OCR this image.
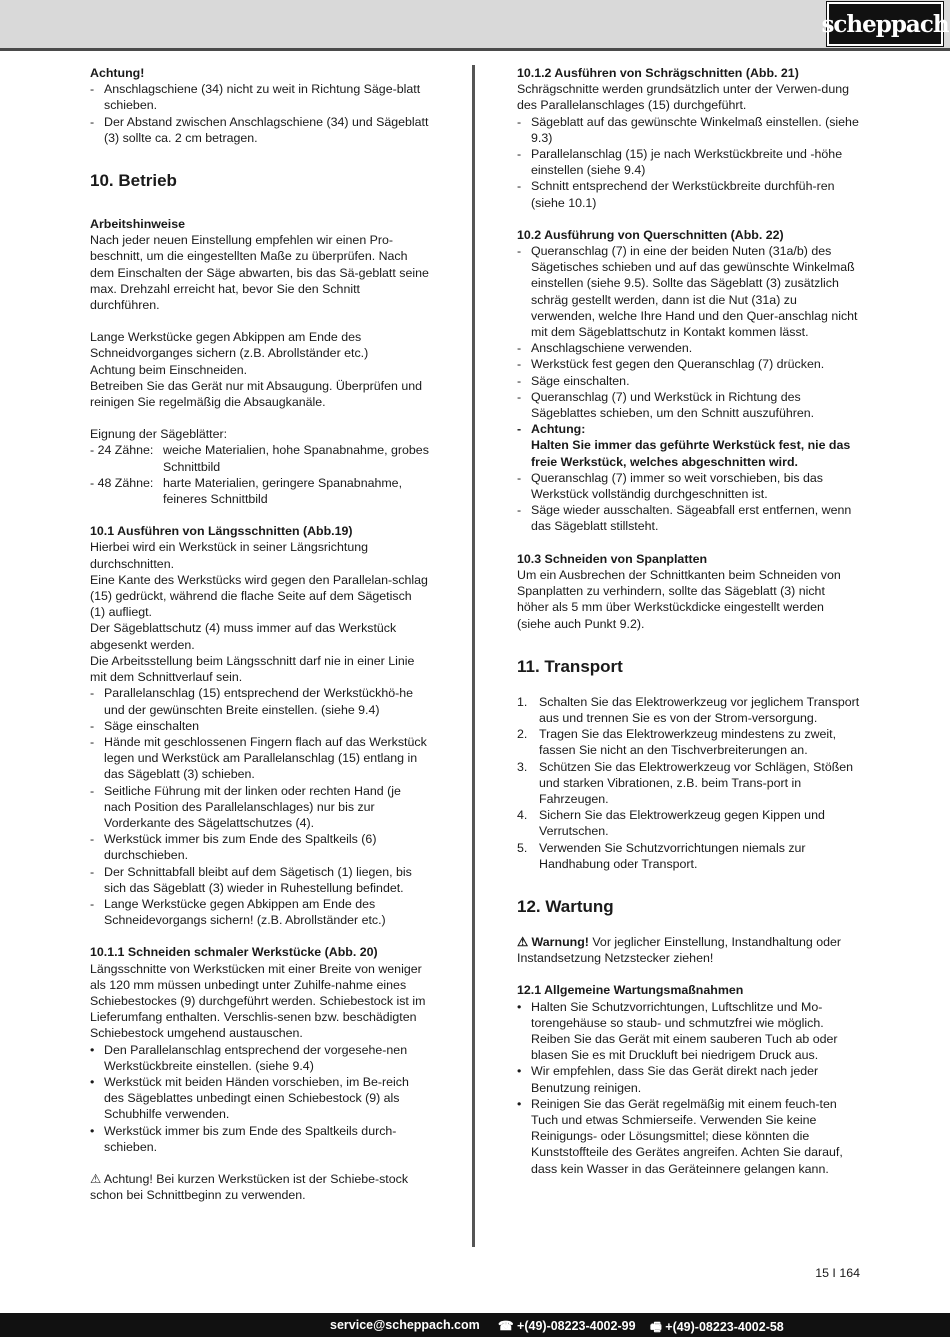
scheppach

Achtung!

- Anschlagschiene (34) nicht zu weit in Richtung Säge-blatt schieben.
- Der Abstand zwischen Anschlagschiene (34) und Sägeblatt (3) sollte ca. 2 cm betragen.

10. Betrieb

Arbeitshinweise

Nach jeder neuen Einstellung empfehlen wir einen Pro-beschnitt, um die eingestellten Maße zu überprüfen. Nach dem Einschalten der Säge abwarten, bis das Sä-geblatt seine max. Drehzahl erreicht hat, bevor Sie den Schnitt durchführen.

Lange Werkstücke gegen Abkippen am Ende des Schneidvorganges sichern (z.B. Abrollständer etc.)

Achtung beim Einschneiden.

Betreiben Sie das Gerät nur mit Absaugung. Überprüfen und reinigen Sie regelmäßig die Absaugkanäle.

Eignung der Sägeblätter:

- 24 Zähne: weiche Materialien, hohe Spanabnahme, grobes Schnittbild
- 48 Zähne: harte Materialien, geringere Spanabnahme, feineres Schnittbild

10.1 Ausführen von Längsschnitten (Abb.19)

Hierbei wird ein Werkstück in seiner Längsrichtung durchschnitten.

Eine Kante des Werkstücks wird gegen den Parallelan-schlag (15) gedrückt, während die flache Seite auf dem Sägetisch (1) aufliegt.

Der Sägeblattschutz (4) muss immer auf das Werkstück abgesenkt werden.

Die Arbeitsstellung beim Längsschnitt darf nie in einer Linie mit dem Schnittverlauf sein.

- Parallelanschlag (15) entsprechend der Werkstückhö-he und der gewünschten Breite einstellen. (siehe 9.4)
- Säge einschalten
- Hände mit geschlossenen Fingern flach auf das Werkstück legen und Werkstück am Parallelanschlag (15) entlang in das Sägeblatt (3) schieben.
- Seitliche Führung mit der linken oder rechten Hand (je nach Position des Parallelanschlages) nur bis zur Vorderkante des Sägelattschutzes (4).
- Werkstück immer bis zum Ende des Spaltkeils (6) durchschieben.
- Der Schnittabfall bleibt auf dem Sägetisch (1) liegen, bis sich das Sägeblatt (3) wieder in Ruhestellung befindet.
- Lange Werkstücke gegen Abkippen am Ende des Schneidevorgangs sichern! (z.B. Abrollständer etc.)

10.1.1 Schneiden schmaler Werkstücke (Abb. 20)

Längsschnitte von Werkstücken mit einer Breite von weniger als 120 mm müssen unbedingt unter Zuhilfe-nahme eines Schiebestockes (9) durchgeführt werden. Schiebestock ist im Lieferumfang enthalten. Verschlis-senen bzw. beschädigten Schiebestock umgehend austauschen.

• Den Parallelanschlag entsprechend der vorgesehe-nen Werkstückbreite einstellen. (siehe 9.4)
• Werkstück mit beiden Händen vorschieben, im Be-reich des Sägeblattes unbedingt einen Schiebestock (9) als Schubhilfe verwenden.
• Werkstück immer bis zum Ende des Spaltkeils durch-schieben.

⚠ Achtung! Bei kurzen Werkstücken ist der Schiebe-stock schon bei Schnittbeginn zu verwenden.

10.1.2 Ausführen von Schrägschnitten (Abb. 21)

Schrägschnitte werden grundsätzlich unter der Verwen-dung des Parallelanschlages (15) durchgeführt.

- Sägeblatt auf das gewünschte Winkelmaß einstellen. (siehe 9.3)
- Parallelanschlag (15) je nach Werkstückbreite und -höhe einstellen (siehe 9.4)
- Schnitt entsprechend der Werkstückbreite durchfüh-ren (siehe 10.1)

10.2 Ausführung von Querschnitten (Abb. 22)

- Queranschlag (7) in eine der beiden Nuten (31a/b) des Sägetisches schieben und auf das gewünschte Winkelmaß einstellen (siehe 9.5). Sollte das Sägeblatt (3) zusätzlich schräg gestellt werden, dann ist die Nut (31a) zu verwenden, welche Ihre Hand und den Quer-anschlag nicht mit dem Sägeblattschutz in Kontakt kommen lässt.
- Anschlagschiene verwenden.
- Werkstück fest gegen den Queranschlag (7) drücken.
- Säge einschalten.
- Queranschlag (7) und Werkstück in Richtung des Sägeblattes schieben, um den Schnitt auszuführen.
- Achtung:
Halten Sie immer das geführte Werkstück fest, nie das freie Werkstück, welches abgeschnitten wird.
- Queranschlag (7) immer so weit vorschieben, bis das Werkstück vollständig durchgeschnitten ist.
- Säge wieder ausschalten. Sägeabfall erst entfernen, wenn das Sägeblatt stillsteht.

10.3 Schneiden von Spanplatten

Um ein Ausbrechen der Schnittkanten beim Schneiden von Spanplatten zu verhindern, sollte das Sägeblatt (3) nicht höher als 5 mm über Werkstückdicke eingestellt werden (siehe auch Punkt 9.2).

11. Transport

1. Schalten Sie das Elektrowerkzeug vor jeglichem Transport aus und trennen Sie es von der Strom-versorgung.
2. Tragen Sie das Elektrowerkzeug mindestens zu zweit, fassen Sie nicht an den Tischverbreiterungen an.
3. Schützen Sie das Elektrowerkzeug vor Schlägen, Stößen und starken Vibrationen, z.B. beim Trans-port in Fahrzeugen.
4. Sichern Sie das Elektrowerkzeug gegen Kippen und Verrutschen.
5. Verwenden Sie Schutzvorrichtungen niemals zur Handhabung oder Transport.

12. Wartung

⚠ Warnung! Vor jeglicher Einstellung, Instandhaltung oder Instandsetzung Netzstecker ziehen!

12.1 Allgemeine Wartungsmaßnahmen

• Halten Sie Schutzvorrichtungen, Luftschlitze und Mo-torengehäuse so staub- und schmutzfrei wie möglich. Reiben Sie das Gerät mit einem sauberen Tuch ab oder blasen Sie es mit Druckluft bei niedrigem Druck aus.
• Wir empfehlen, dass Sie das Gerät direkt nach jeder Benutzung reinigen.
• Reinigen Sie das Gerät regelmäßig mit einem feuch-ten Tuch und etwas Schmierseife. Verwenden Sie keine Reinigungs- oder Lösungsmittel; diese könnten die Kunststoffteile des Gerätes angreifen. Achten Sie darauf, dass kein Wasser in das Geräteinnere gelangen kann.
15 I 164
service@scheppach.com ☎ +(49)-08223-4002-99 🖷 +(49)-08223-4002-58
